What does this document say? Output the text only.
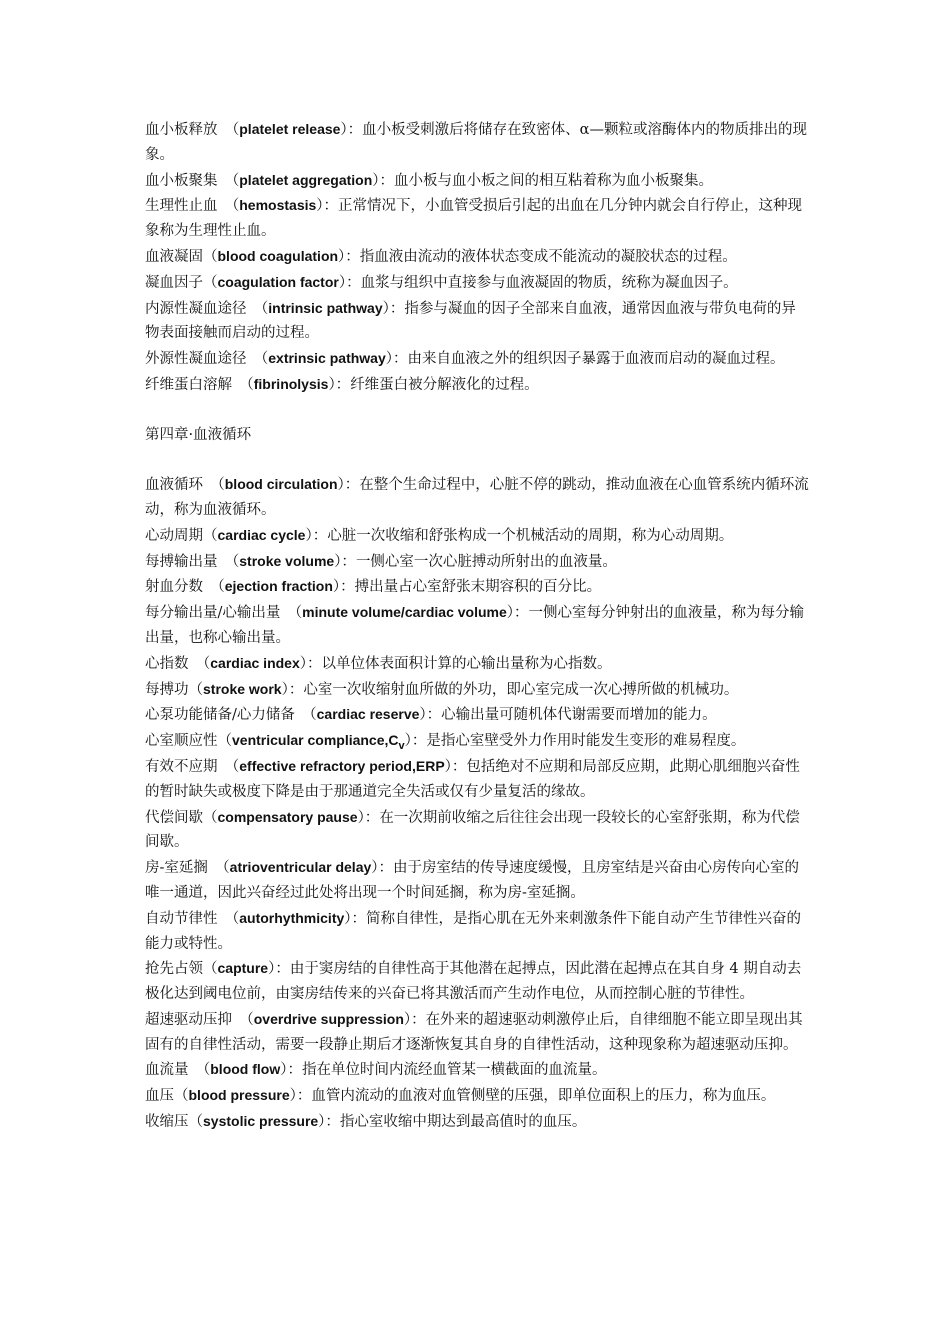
血小板释放　（platelet release）：血小板受刺激后将储存在致密体、α—颗粒或溶酶体内的物质排出的现象。

血小板聚集　（platelet aggregation）：血小板与血小板之间的相互粘着称为血小板聚集。

生理性止血　（hemostasis）：正常情况下，小血管受损后引起的出血在几分钟内就会自行停止，这种现象称为生理性止血。

血液凝固（blood coagulation）：指血液由流动的液体状态变成不能流动的凝胶状态的过程。

凝血因子（coagulation factor）：血浆与组织中直接参与血液凝固的物质，统称为凝血因子。

内源性凝血途径　（intrinsic pathway）：指参与凝血的因子全部来自血液，通常因血液与带负电荷的异物表面接触而启动的过程。

外源性凝血途径　（extrinsic pathway）：由来自血液之外的组织因子暴露于血液而启动的凝血过程。

纤维蛋白溶解　（fibrinolysis）：纤维蛋白被分解液化的过程。

第四章·血液循环

血液循环　（blood circulation）：在整个生命过程中，心脏不停的跳动，推动血液在心血管系统内循环流动，称为血液循环。

心动周期（cardiac cycle）：心脏一次收缩和舒张构成一个机械活动的周期，称为心动周期。

每搏输出量　（stroke volume）：一侧心室一次心脏搏动所射出的血液量。

射血分数　（ejection fraction）：搏出量占心室舒张末期容积的百分比。

每分输出量/心输出量　（minute volume/cardiac volume）：一侧心室每分钟射出的血液量，称为每分输出量，也称心输出量。

心指数　（cardiac index）：以单位体表面积计算的心输出量称为心指数。

每搏功（stroke work）：心室一次收缩射血所做的外功，即心室完成一次心搏所做的机械功。

心泵功能储备/心力储备　（cardiac reserve）：心输出量可随机体代谢需要而增加的能力。

心室顺应性（ventricular $compliance,C_v$）：是指心室壁受外力作用时能发生变形的难易程度。

有效不应期　（effective refractory period,ERP）：包括绝对不应期和局部反应期，此期心肌细胞兴奋性的暂时缺失或极度下降是由于那通道完全失活或仅有少量复活的缘故。

代偿间歇（compensatory pause）：在一次期前收缩之后往往会出现一段较长的心室舒张期，称为代偿间歇。

房-室延搁　（atrioventricular delay）：由于房室结的传导速度缓慢，且房室结是兴奋由心房传向心室的唯一通道，因此兴奋经过此处将出现一个时间延搁，称为房-室延搁。

自动节律性　（autorhythmicity）：简称自律性，是指心肌在无外来刺激条件下能自动产生节律性兴奋的能力或特性。

抢先占领（capture）：由于窦房结的自律性高于其他潜在起搏点，因此潜在起搏点在其自身 4 期自动去极化达到阈电位前，由窦房结传来的兴奋已将其激活而产生动作电位，从而控制心脏的节律性。

超速驱动压抑　（overdrive suppression）：在外来的超速驱动刺激停止后，自律细胞不能立即呈现出其固有的自律性活动，需要一段静止期后才逐渐恢复其自身的自律性活动，这种现象称为超速驱动压抑。

血流量　（blood flow）：指在单位时间内流经血管某一横截面的血流量。

血压（blood pressure）：血管内流动的血液对血管侧壁的压强，即单位面积上的压力，称为血压。

收缩压（systolic pressure）：指心室收缩中期达到最高值时的血压。
